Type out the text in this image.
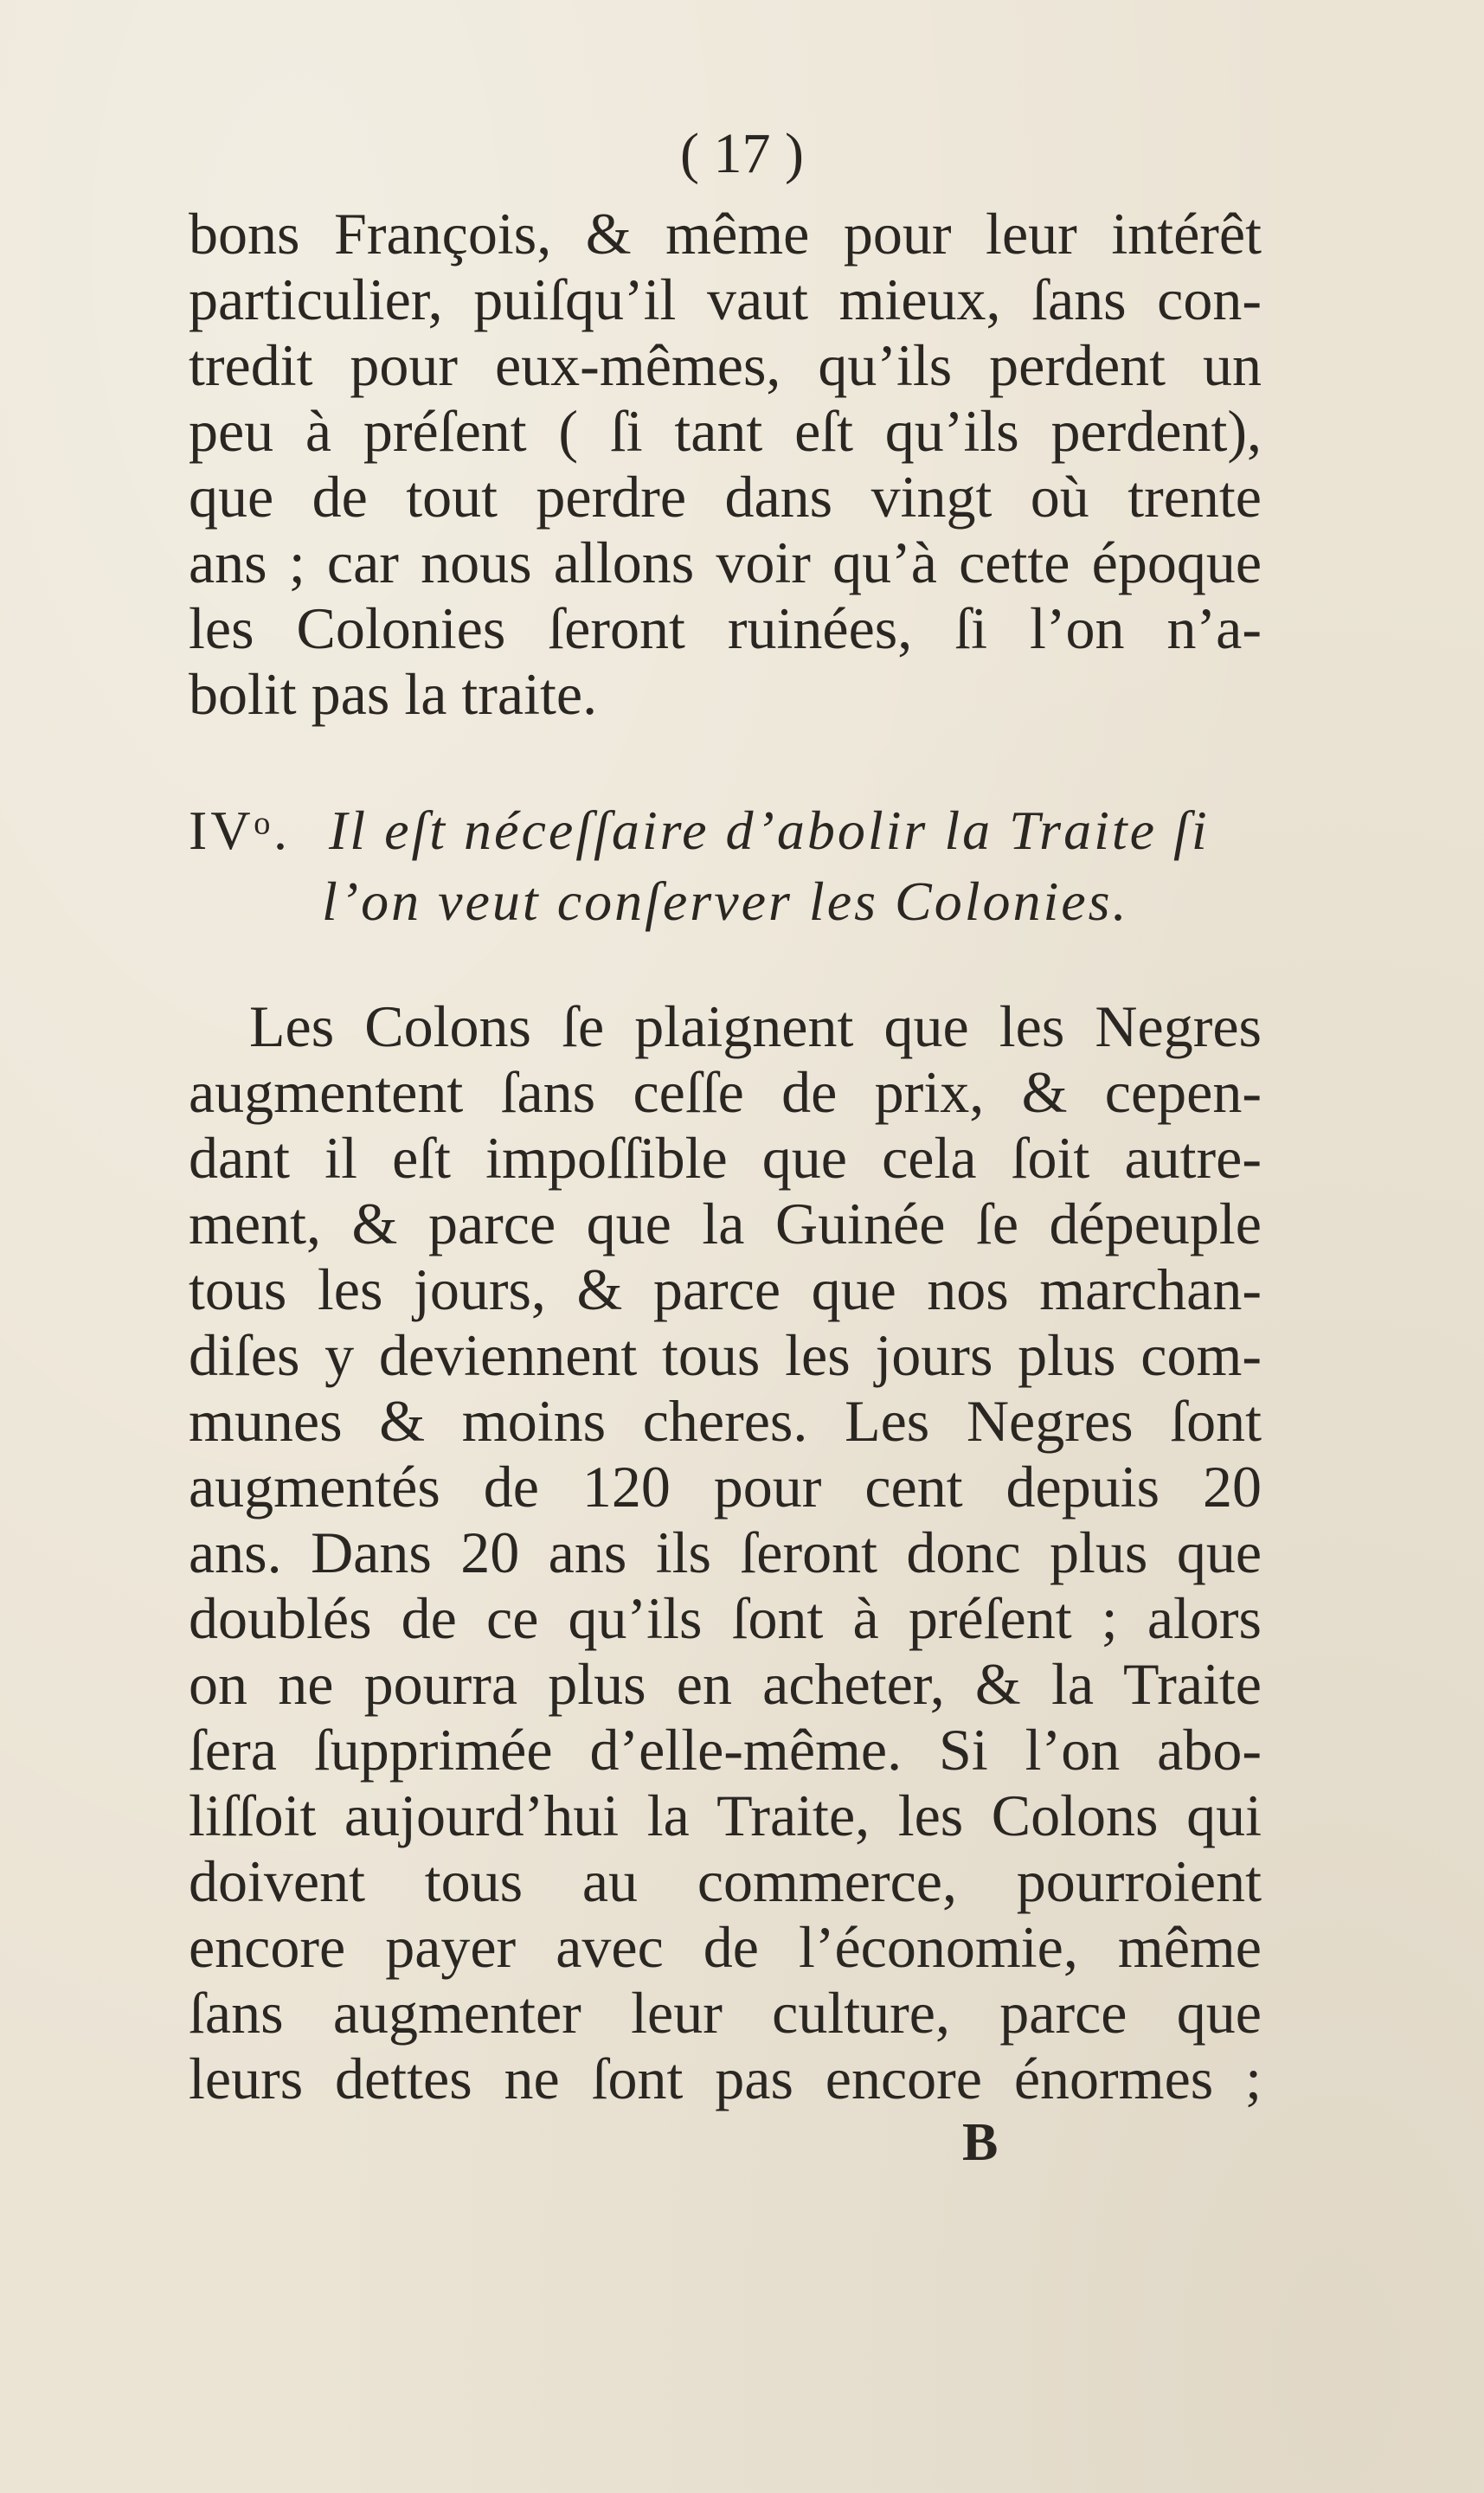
( 17 )
bons François, & même pour leur intérêt
particulier, puiſqu’il vaut mieux, ſans con-
tredit pour eux-mêmes, qu’ils perdent un
peu à préſent ( ſi tant eſt qu’ils perdent),
que de tout perdre dans vingt où trente
ans ; car nous allons voir qu’à cette époque
les Colonies ſeront ruinées, ſi l’on n’a-
bolit pas la traite.
IVᵒ. Il eſt néceſſaire d’abolir la Traite ſi
l’on veut conſerver les Colonies.
Les Colons ſe plaignent que les Negres
augmentent ſans ceſſe de prix, & cepen-
dant il eſt impoſſible que cela ſoit autre-
ment, & parce que la Guinée ſe dépeuple
tous les jours, & parce que nos marchan-
diſes y deviennent tous les jours plus com-
munes & moins cheres. Les Negres ſont
augmentés de 120 pour cent depuis 20
ans. Dans 20 ans ils ſeront donc plus que
doublés de ce qu’ils ſont à préſent ; alors
on ne pourra plus en acheter, & la Traite
ſera ſupprimée d’elle-même. Si l’on abo-
liſſoit aujourd’hui la Traite, les Colons qui
doivent tous au commerce, pourroient
encore payer avec de l’économie, même
ſans augmenter leur culture, parce que
leurs dettes ne ſont pas encore énormes ;
B
